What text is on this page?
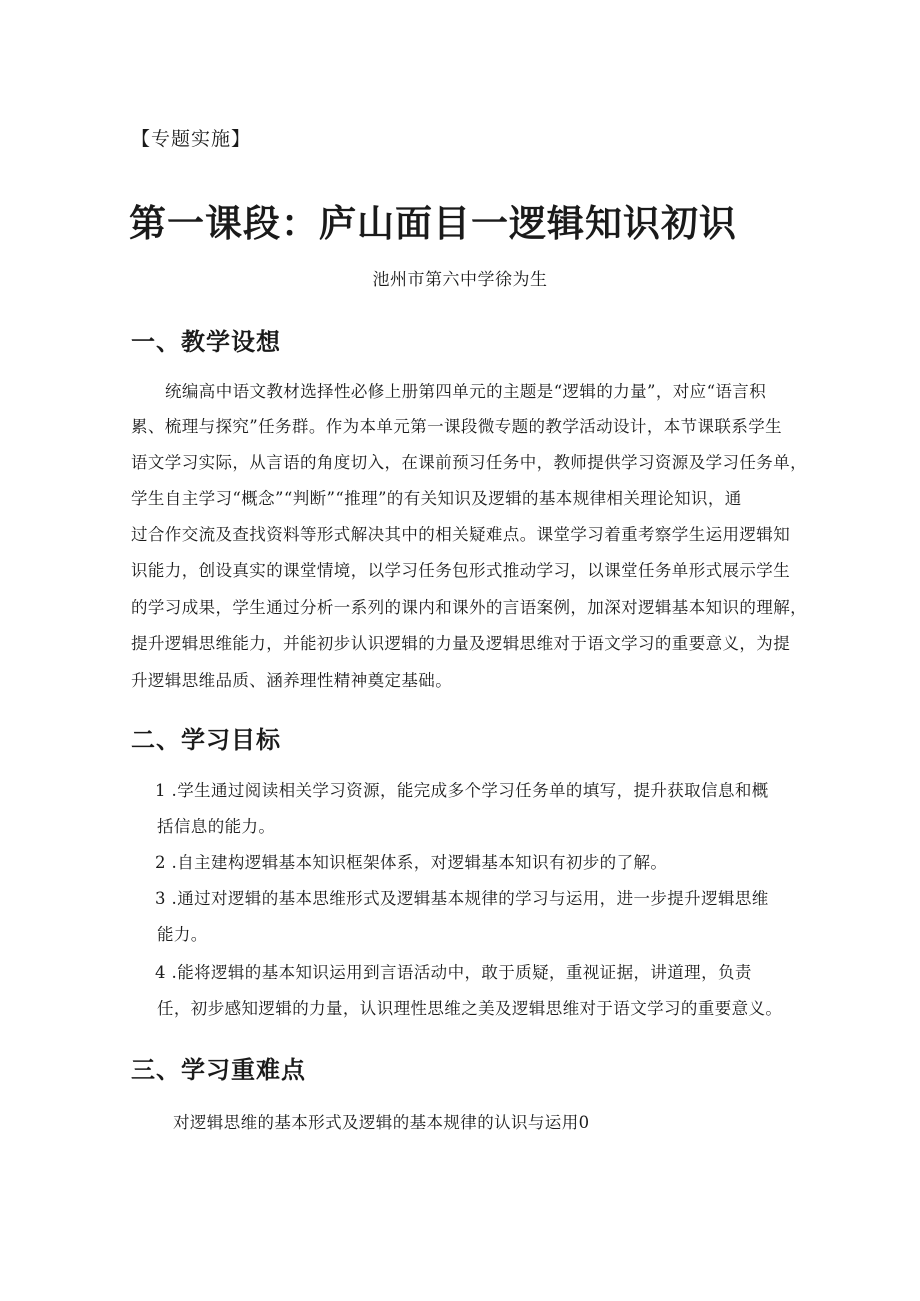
【专题实施】
第一课段：庐山面目一逻辑知识初识
池州市第六中学徐为生
一、教学设想
统编高中语文教材选择性必修上册第四单元的主题是“逻辑的力量”，对应“语言积
累、梳理与探究”任务群。作为本单元第一课段微专题的教学活动设计，本节课联系学生
语文学习实际，从言语的角度切入，在课前预习任务中，教师提供学习资源及学习任务单，
学生自主学习“概念”“判断”“推理”的有关知识及逻辑的基本规律相关理论知识，通
过合作交流及查找资料等形式解决其中的相关疑难点。课堂学习着重考察学生运用逻辑知
识能力，创设真实的课堂情境，以学习任务包形式推动学习，以课堂任务单形式展示学生
的学习成果，学生通过分析一系列的课内和课外的言语案例，加深对逻辑基本知识的理解，
提升逻辑思维能力，并能初步认识逻辑的力量及逻辑思维对于语文学习的重要意义，为提
升逻辑思维品质、涵养理性精神奠定基础。
二、学习目标
1 .学生通过阅读相关学习资源，能完成多个学习任务单的填写，提升获取信息和概
括信息的能力。
2 .自主建构逻辑基本知识框架体系，对逻辑基本知识有初步的了解。
3 .通过对逻辑的基本思维形式及逻辑基本规律的学习与运用，进一步提升逻辑思维
能力。
4 .能将逻辑的基本知识运用到言语活动中，敢于质疑，重视证据，讲道理，负责
任，初步感知逻辑的力量，认识理性思维之美及逻辑思维对于语文学习的重要意义。
三、学习重难点
对逻辑思维的基本形式及逻辑的基本规律的认识与运用0
